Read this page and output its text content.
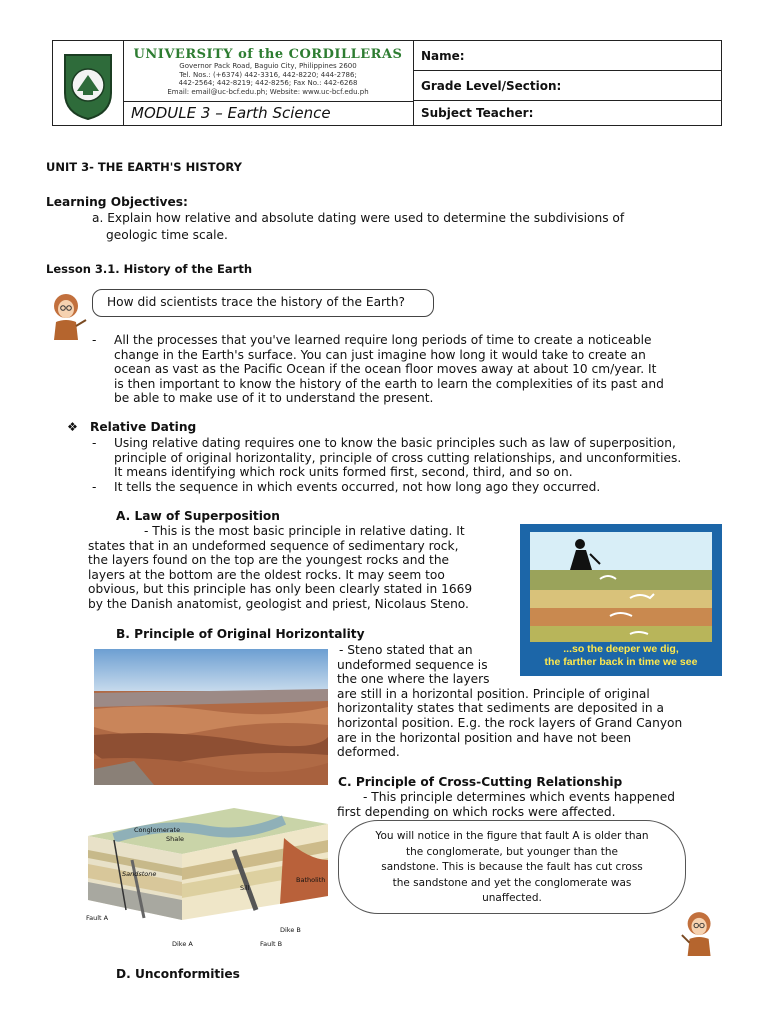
UNIVERSITY of the CORDILLERAS
Governor Pack Road, Baguio City, Philippines 2600
Tel. Nos.: (+6374) 442-3316, 442-8220; 444-2786;
442-2564; 442-8219; 442-8256; Fax No.: 442-6268
Email: email@uc-bcf.edu.ph; Website: www.uc-bcf.edu.ph
MODULE 3 – Earth Science
Name:
Grade Level/Section:
Subject Teacher:
UNIT 3- THE EARTH'S HISTORY
Learning Objectives:
a. Explain how relative and absolute dating were used to determine the subdivisions of
geologic time scale.
Lesson 3.1. History of the Earth
How did scientists trace the history of the Earth?
- All the processes that you've learned require long periods of time to create a noticeable
change in the Earth's surface. You can just imagine how long it would take to create an
ocean as vast as the Pacific Ocean if the ocean floor moves away at about 10 cm/year. It
is then important to know the history of the earth to learn the complexities of its past and
be able to make use of it to understand the present.
❖ Relative Dating
- Using relative dating requires one to know the basic principles such as law of superposition,
principle of original horizontality, principle of cross cutting relationships, and unconformities.
It means identifying which rock units formed first, second, third, and so on.
- It tells the sequence in which events occurred, not how long ago they occurred.
A. Law of Superposition
- This is the most basic principle in relative dating. It
states that in an undeformed sequence of sedimentary rock,
the layers found on the top are the youngest rocks and the
layers at the bottom are the oldest rocks. It may seem too
obvious, but this principle has only been clearly stated in 1669
by the Danish anatomist, geologist and priest, Nicolaus Steno.
...so the deeper we dig,
the farther back in time we see
B. Principle of Original Horizontality
- Steno stated that an
undeformed sequence is
the one where the layers
are still in a horizontal position. Principle of original
horizontality states that sediments are deposited in a
horizontal position. E.g. the rock layers of Grand Canyon
are in the horizontal position and have not been
deformed.
C. Principle of Cross-Cutting Relationship
- This principle determines which events happened
first depending on which rocks were affected.
Conglomerate
Shale
Sandstone
Sill
Batholith
Fault A
Dike A
Dike B
Fault B
You will notice in the figure that fault A is older than
the conglomerate, but younger than the
sandstone. This is because the fault has cut cross
the sandstone and yet the conglomerate was
unaffected.
D. Unconformities
